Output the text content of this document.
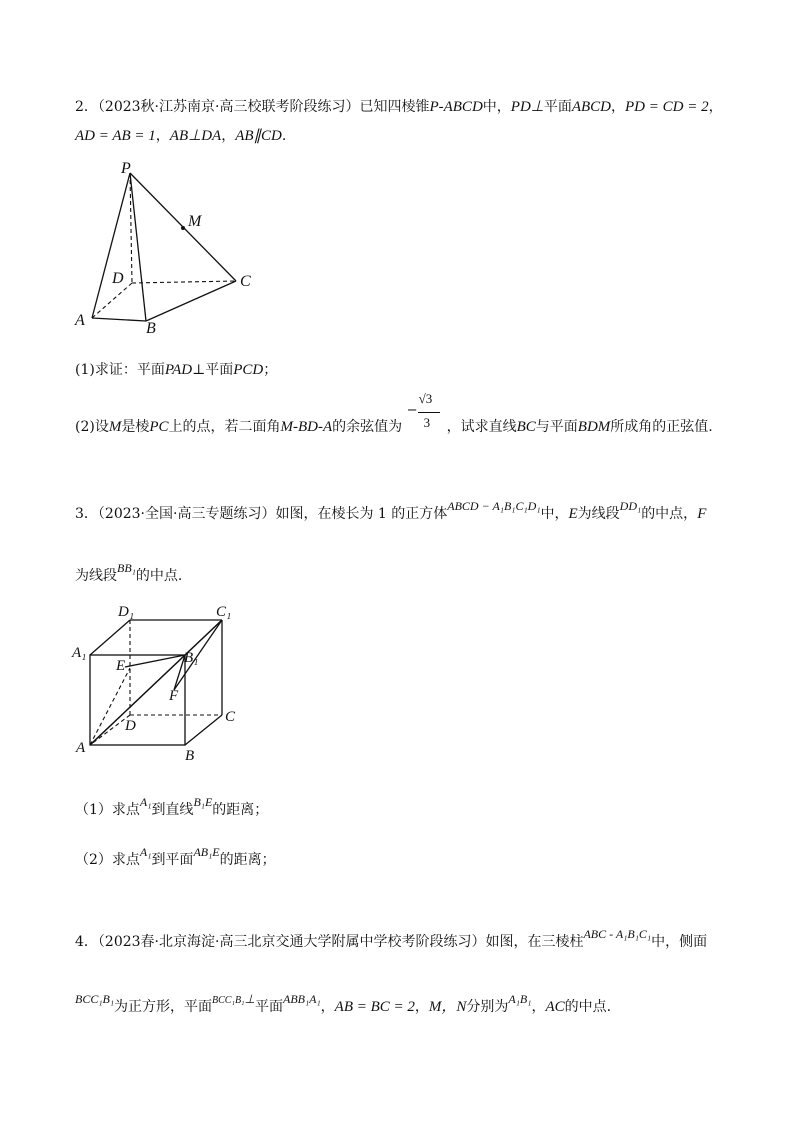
2．（2023秋·江苏南京·高三校联考阶段练习）已知四棱锥P-ABCD中，PD⊥平面ABCD，PD = CD = 2，
AD = AB = 1，AB⊥DA，AB∥CD.
P
M
D	C
A	B
(1)求证：平面PAD⊥平面PCD；
(2)设M是棱PC上的点，若二面角M-BD-A的余弦值为
−
√3
3 ，试求直线BC与平面BDM所成角的正弦值.
3．（2023·全国·高三专题练习）如图，在棱长为 1 的正方体ABCD − A₁B₁C₁D₁中，E为线段DD₁的中点，F
为线段BB₁的中点.
D₁	C₁
A₁	B₁
E
F
D
C
A	B
（1）求点A₁到直线B₁E的距离；
（2）求点A₁到平面AB₁E的距离；
4．（2023春·北京海淀·高三北京交通大学附属中学校考阶段练习）如图，在三棱柱ABC - A₁B₁C₁中，侧面
BCC₁B₁为正方形，平面$^{BCC_1B_1}$⊥平面ABB₁A₁，AB = BC = 2，M，N分别为A₁B₁，AC的中点.
